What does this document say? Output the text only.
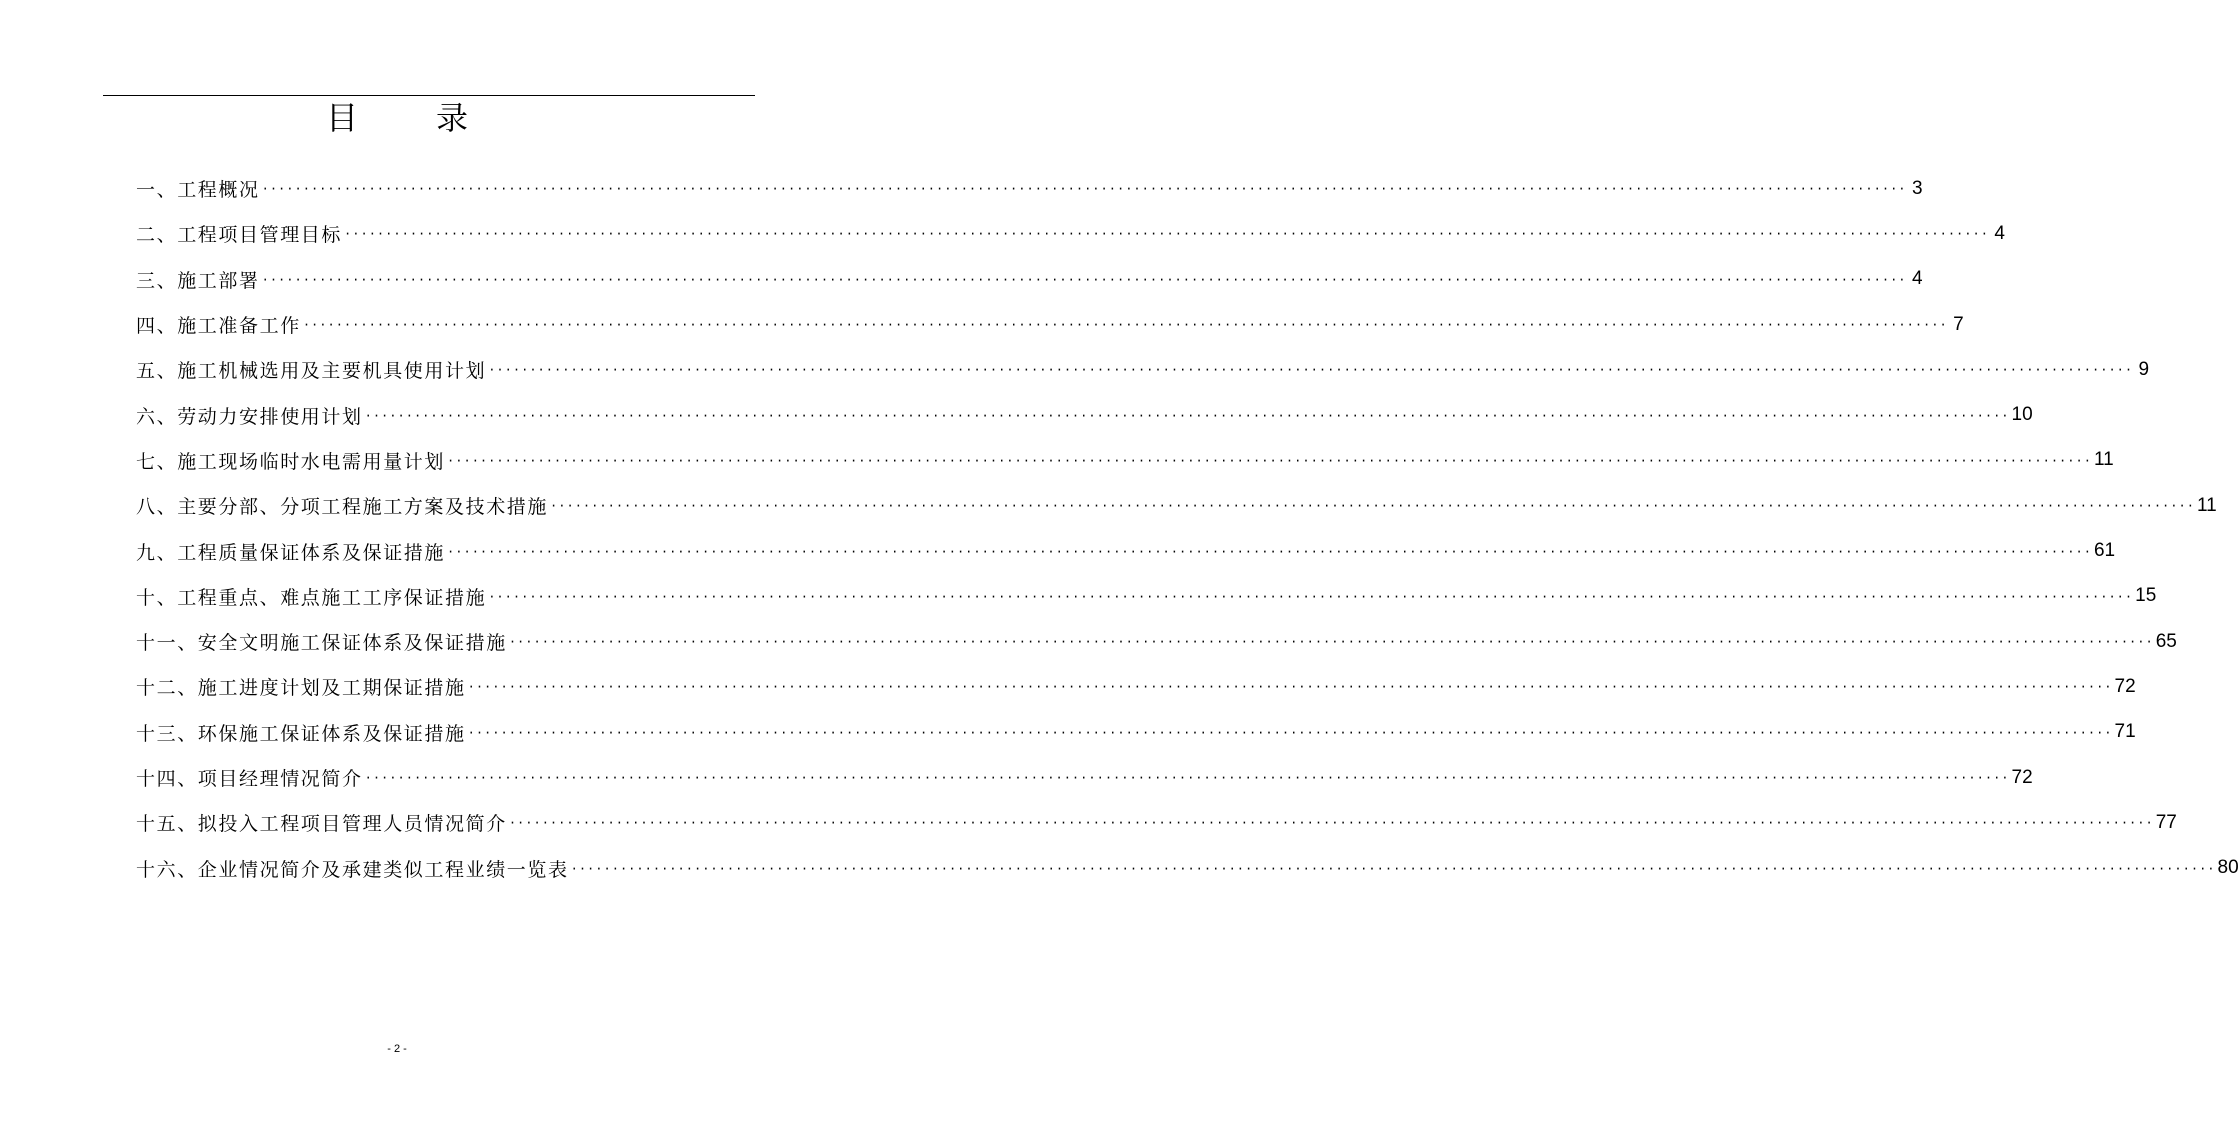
目 录
一、工程概况 ········································································································································································································ 3
二、工程项目管理目标 ········································································································································································································ 4
三、施工部署 ········································································································································································································ 4
四、施工准备工作 ········································································································································································································ 7
五、施工机械选用及主要机具使用计划 ········································································································································································································ 9
六、劳动力安排使用计划 ········································································································································································································ 10
七、施工现场临时水电需用量计划 ········································································································································································································ 11
八、主要分部、分项工程施工方案及技术措施 ········································································································································································································ 11
九、工程质量保证体系及保证措施 ········································································································································································································ 61
十、工程重点、难点施工工序保证措施 ········································································································································································································ 15
十一、安全文明施工保证体系及保证措施 ········································································································································································································ 65
十二、施工进度计划及工期保证措施 ········································································································································································································ 72
十三、环保施工保证体系及保证措施 ········································································································································································································ 71
十四、项目经理情况简介 ········································································································································································································ 72
十五、拟投入工程项目管理人员情况简介 ········································································································································································································ 77
十六、企业情况简介及承建类似工程业绩一览表 ········································································································································································································ 80
- 2 -
